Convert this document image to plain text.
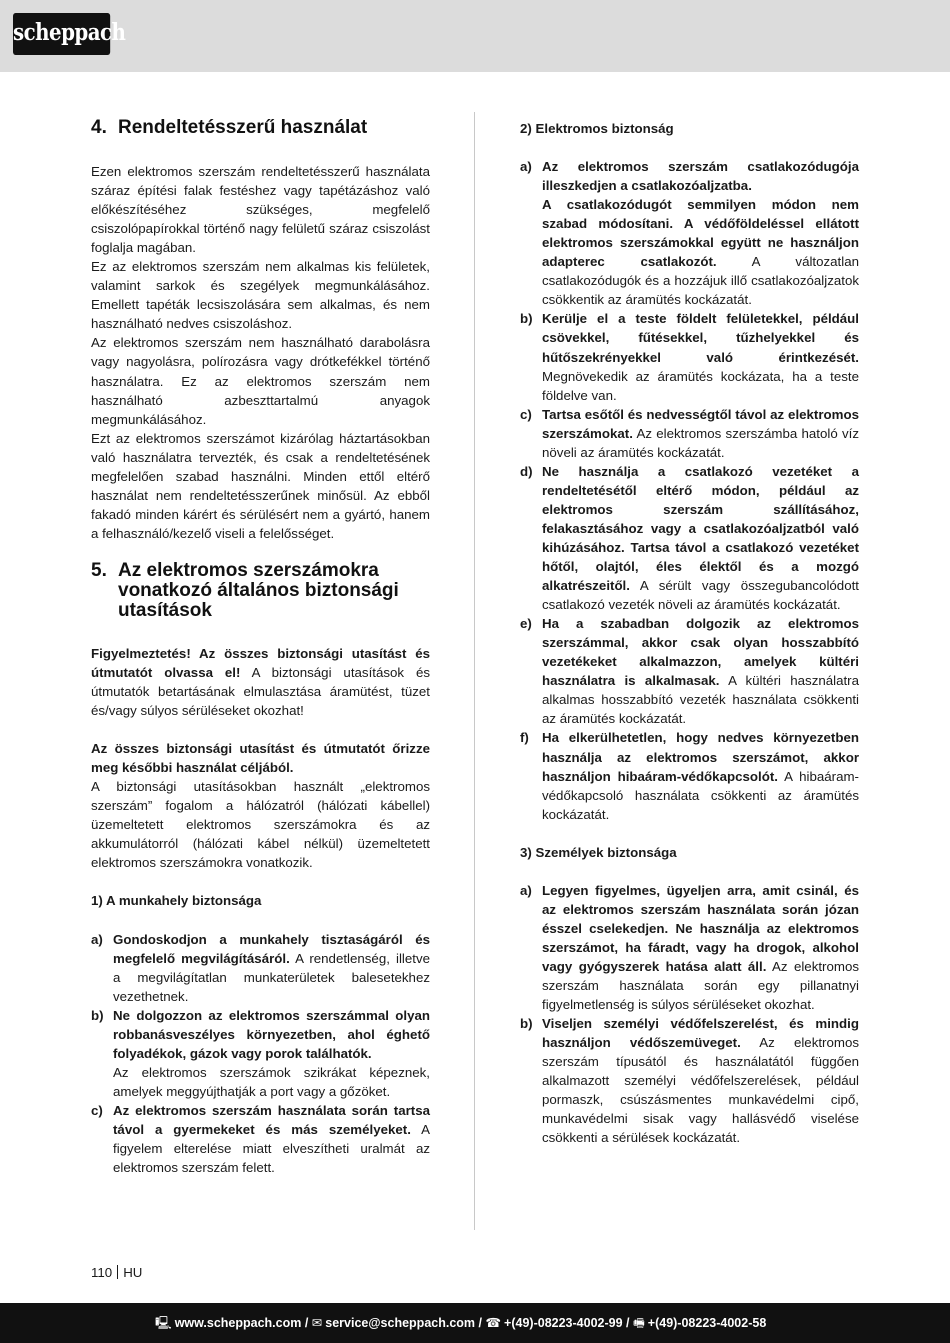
scheppach
4. Rendeltetésszerű használat

Ezen elektromos szerszám rendeltetésszerű használata száraz építési falak festéshez vagy tapétázáshoz való előkészítéséhez szükséges, megfelelő csiszolópapírokkal történő nagy felületű száraz csiszolást foglalja magában.

Ez az elektromos szerszám nem alkalmas kis felületek, valamint sarkok és szegélyek megmunkálásához. Emellett tapéták lecsiszolására sem alkalmas, és nem használható nedves csiszoláshoz.

Az elektromos szerszám nem használható darabolásra vagy nagyolásra, polírozásra vagy drótkefékkel történő használatra. Ez az elektromos szerszám nem használható azbeszttartalmú anyagok megmunkálásához.

Ezt az elektromos szerszámot kizárólag háztartásokban való használatra tervezték, és csak a rendeltetésének megfelelően szabad használni. Minden ettől eltérő használat nem rendeltetésszerűnek minősül. Az ebből fakadó minden kárért és sérülésért nem a gyártó, hanem a felhasználó/kezelő viseli a felelősséget.

5. Az elektromos szerszámokra vonatkozó általános biztonsági utasítások

Figyelmeztetés! Az összes biztonsági utasítást és útmutatót olvassa el! A biztonsági utasítások és útmutatók betartásának elmulasztása áramütést, tüzet és/vagy súlyos sérüléseket okozhat!

Az összes biztonsági utasítást és útmutatót őrizze meg későbbi használat céljából.

A biztonsági utasításokban használt „elektromos szerszám” fogalom a hálózatról (hálózati kábellel) üzemeltetett elektromos szerszámokra és az akkumulátorról (hálózati kábel nélkül) üzemeltetett elektromos szerszámokra vonatkozik.

1) A munkahely biztonsága
a) Gondoskodjon a munkahely tisztaságáról és megfelelő megvilágításáról. A rendetlenség, illetve a megvilágítatlan munkaterületek balesetekhez vezethetnek.
b) Ne dolgozzon az elektromos szerszámmal olyan robbanásveszélyes környezetben, ahol éghető folyadékok, gázok vagy porok találhatók.
Az elektromos szerszámok szikrákat képeznek, amelyek meggyújthatják a port vagy a gőzöket.
c) Az elektromos szerszám használata során tartsa távol a gyermekeket és más személyeket. A figyelem elterelése miatt elveszítheti uralmát az elektromos szerszám felett.
2) Elektromos biztonság
a) Az elektromos szerszám csatlakozódugója illeszkedjen a csatlakozóaljzatba.
A csatlakozódugót semmilyen módon nem szabad módosítani. A védőföldeléssel ellátott elektromos szerszámokkal együtt ne használjon adaptereс csatlakozót. A változatlan csatlakozódugók és a hozzájuk illő csatlakozóaljzatok csökkentik az áramütés kockázatát.
b) Kerülje el a teste földelt felületekkel, például csövekkel, fűtésekkel, tűzhelyekkel és hűtőszekrényekkel való érintkezését. Megnövekedik az áramütés kockázata, ha a teste földelve van.
c) Tartsa esőtől és nedvességtől távol az elektromos szerszámokat. Az elektromos szerszámba hatoló víz növeli az áramütés kockázatát.
d) Ne használja a csatlakozó vezetéket a rendeltetésétől eltérő módon, például az elektromos szerszám szállításához, felakasztásához vagy a csatlakozóaljzatból való kihúzásához. Tartsa távol a csatlakozó vezetéket hőtől, olajtól, éles élektől és a mozgó alkatrészeitől. A sérült vagy összegubancolódott csatlakozó vezeték növeli az áramütés kockázatát.
e) Ha a szabadban dolgozik az elektromos szerszámmal, akkor csak olyan hosszabbító vezetékeket alkalmazzon, amelyek kültéri használatra is alkalmasak. A kültéri használatra alkalmas hosszabbító vezeték használata csökkenti az áramütés kockázatát.
f) Ha elkerülhetetlen, hogy nedves környezetben használja az elektromos szerszámot, akkor használjon hibaáram-védőkapcsolót. A hibaáram-védőkapcsoló használata csökkenti az áramütés kockázatát.
3) Személyek biztonsága
a) Legyen figyelmes, ügyeljen arra, amit csinál, és az elektromos szerszám használata során józan ésszel cselekedjen. Ne használja az elektromos szerszámot, ha fáradt, vagy ha drogok, alkohol vagy gyógyszerek hatása alatt áll. Az elektromos szerszám használata során egy pillanatnyi figyelmetlenség is súlyos sérüléseket okozhat.
b) Viseljen személyi védőfelszerelést, és mindig használjon védőszemüveget. Az elektromos szerszám típusától és használatától függően alkalmazott személyi védőfelszerelések, például pormaszk, csúszásmentes munkavédelmi cipő, munkavédelmi sisak vagy hallásvédő viselése csökkenti a sérülések kockázatát.
110 HU
🖳 www.scheppach.com / ✉ service@scheppach.com / ☎ +(49)-08223-4002-99 / 🖷 +(49)-08223-4002-58
